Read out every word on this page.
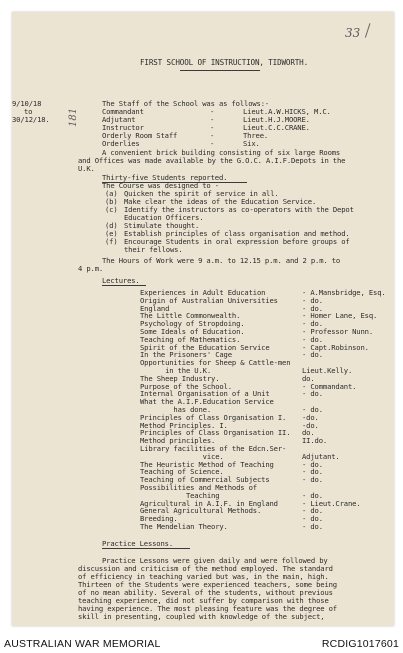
33
FIRST SCHOOL OF INSTRUCTION, TIDWORTH.
9/10/18
to
30/12/18. 181
The Staff of the School was as follows:-
Thirty-five Students reported.
The Course was designed to -
Lectures.
Practice Lessons.
Commandant	-	Lieut.A.W.HICKS, M.C.
Adjutant	-	Lieut.H.J.MOORE.
Instructor	-	Lieut.C.C.CRANE.
Orderly Room Staff	-	Three.
Orderlies	-	Six.
A convenient brick building consisting of six large Rooms
and Offices was made available by the G.O.C. A.I.F.Depots in the
U.K.
(a) Quicken the spirit of service in all.
(b) Make clear the ideas of the Education Service.
(c) Identify the instructors as co-operators with the Depot
Education Officers.
(d) Stimulate thought.
(e) Establish principles of class organisation and method.
(f) Encourage Students in oral expression before groups of
their fellows.
The Hours of Work were 9 a.m. to 12.15 p.m. and 2 p.m. to
4 p.m.
Experiences in Adult Education	- A.Mansbridge, Esq.
Origin of Australian Universities	- do.
England	- do.
The Little Commonwealth.	- Homer Lane, Esq.
Psychology of Stropdoing.	- do.
Some Ideals of Education.	- Professor Nunn.
Teaching of Mathematics.	- do.
Spirit of the Education Service	- Capt.Robinson.
In the Prisoners' Cage	- do.
Opportunities for Sheep & Cattle-men
in the U.K.	Lieut.Kelly.
The Sheep Industry.	do.
Purpose of the School.	- Commandant.
Internal Organisation of a Unit	- do.
What the A.I.F.Education Service
has done.	- do.
Principles of Class Organisation I. -do.
Method Principles. I.	-do.
Principles of Class Organisation II. do.
Method principles.	II.do.
Library facilities of the Edcn.Ser-
vice.	Adjutant.
The Heuristic Method of Teaching	- do.
Teaching of Science.	- do.
Teaching of Commercial Subjects	- do.
Possibilities and Methods of
Teaching	- do.
Agricultural in A.I.F. in England	- Lieut.Crane.
General Agricultural Methods.	- do.
Breeding.	- do.
The Mendelian Theory.	- do.
Practice Lessons were given daily and were followed by
discussion and criticism of the method employed. The standard
of efficiency in teaching varied but was, in the main, high.
Thirteen of the Students were experienced teachers, some being
of no mean ability. Several of the students, without previous
teaching experience, did not suffer by comparison with those
having experience. The most pleasing feature was the degree of
skill in presenting, coupled with knowledge of the subject,
AUSTRALIAN WAR MEMORIAL	RCDIG1017601
